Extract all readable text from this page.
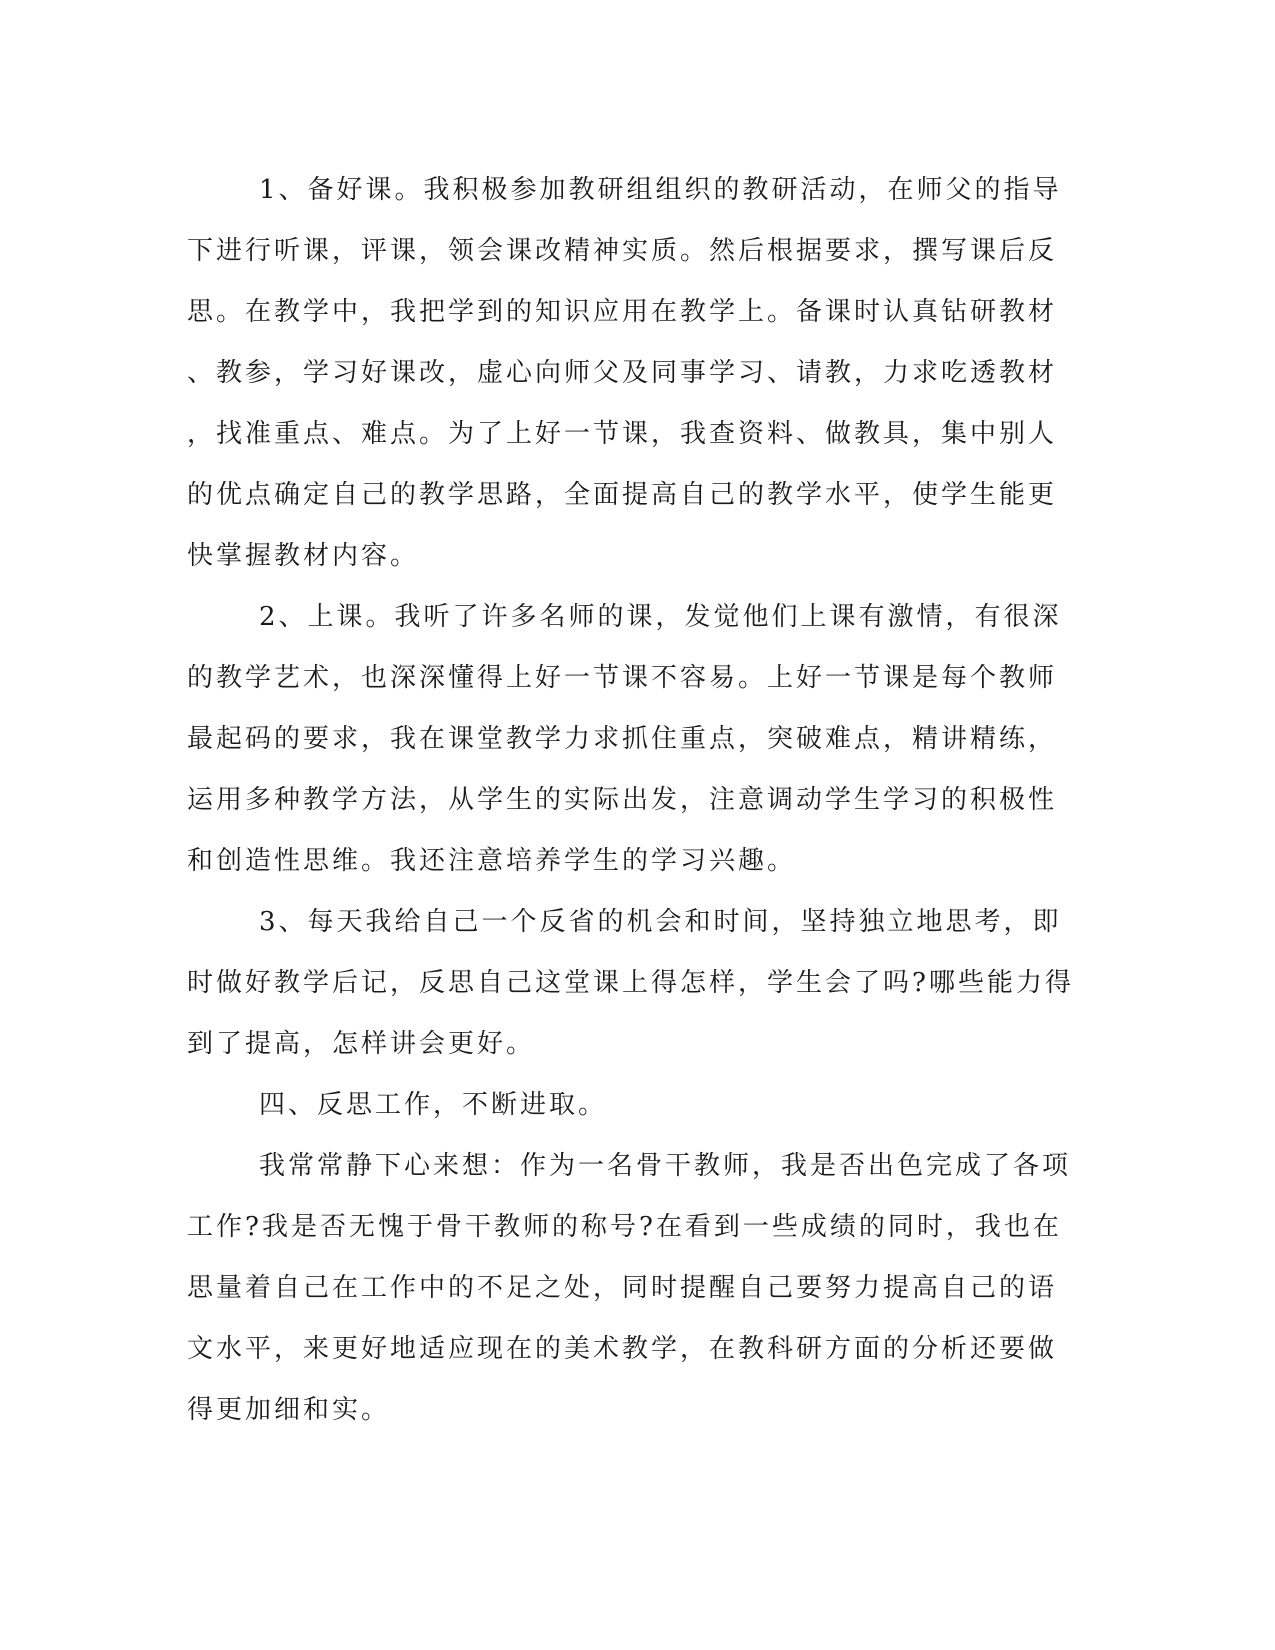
1、备好课。我积极参加教研组组织的教研活动，在师父的指导
下进行听课，评课，领会课改精神实质。然后根据要求，撰写课后反
思。在教学中，我把学到的知识应用在教学上。备课时认真钻研教材
、教参，学习好课改，虚心向师父及同事学习、请教，力求吃透教材
，找准重点、难点。为了上好一节课，我查资料、做教具，集中别人
的优点确定自己的教学思路，全面提高自己的教学水平，使学生能更
快掌握教材内容。
2、上课。我听了许多名师的课，发觉他们上课有激情，有很深
的教学艺术，也深深懂得上好一节课不容易。上好一节课是每个教师
最起码的要求，我在课堂教学力求抓住重点，突破难点，精讲精练，
运用多种教学方法，从学生的实际出发，注意调动学生学习的积极性
和创造性思维。我还注意培养学生的学习兴趣。
3、每天我给自己一个反省的机会和时间，坚持独立地思考，即
时做好教学后记，反思自己这堂课上得怎样，学生会了吗?哪些能力得
到了提高，怎样讲会更好。
四、反思工作，不断进取。
我常常静下心来想：作为一名骨干教师，我是否出色完成了各项
工作?我是否无愧于骨干教师的称号?在看到一些成绩的同时，我也在
思量着自己在工作中的不足之处，同时提醒自己要努力提高自己的语
文水平，来更好地适应现在的美术教学，在教科研方面的分析还要做
得更加细和实。
